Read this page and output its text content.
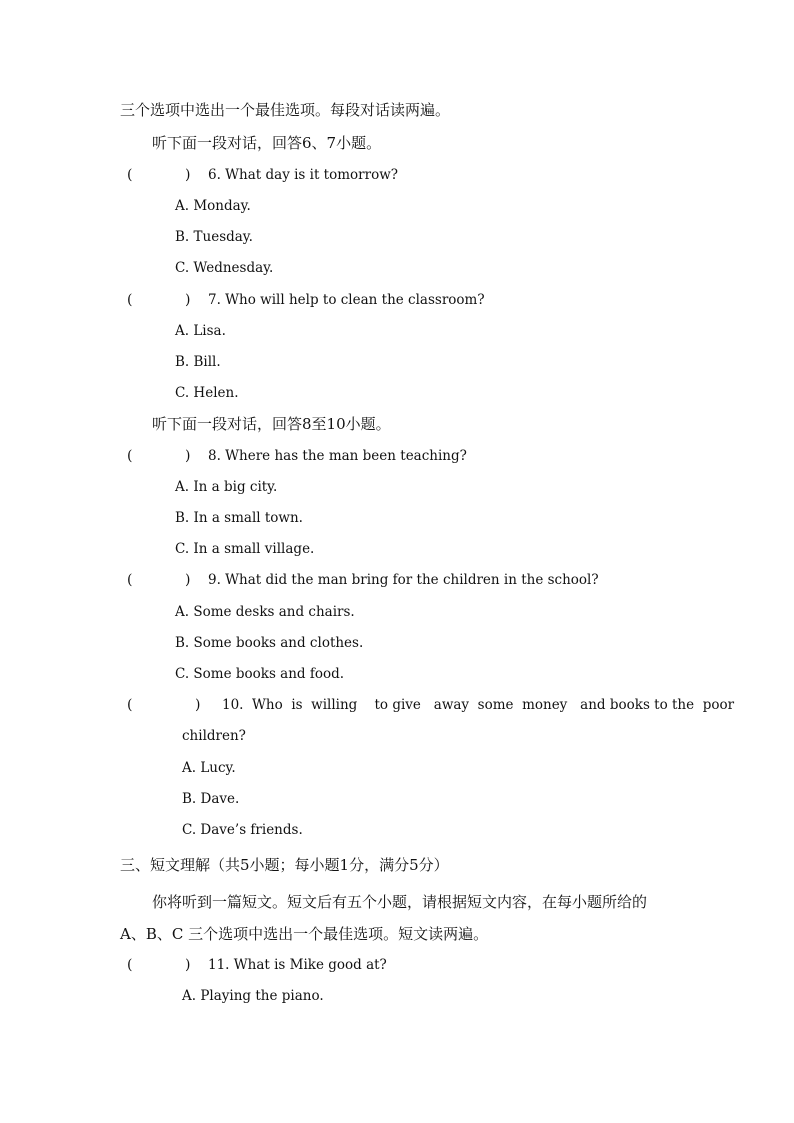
三个选项中选出一个最佳选项。每段对话读两遍。
听下面一段对话，回答6、7小题。
(	) 6. What day is it tomorrow?
A. Monday.
B. Tuesday.
C. Wednesday.
(	) 7. Who will help to clean the classroom?
A. Lisa.
B. Bill.
C. Helen.
听下面一段对话，回答8至10小题。
(	) 8. Where has the man been teaching?
A. In a big city.
B. In a small town.
C. In a small village.
(	) 9. What did the man bring for the children in the school?
A. Some desks and chairs.
B. Some books and clothes.
C. Some books and food.
(	) 10.  Who  is  willing    to give   away  some  money   and books to the  poor
children?
A. Lucy.
B. Dave.
C. Dave’s friends.
三、短文理解（共5小题；每小题1分，满分5分）
你将听到一篇短文。短文后有五个小题，请根据短文内容，在每小题所给的
A、B、C 三个选项中选出一个最佳选项。短文读两遍。
(	) 11. What is Mike good at?
A. Playing the piano.
